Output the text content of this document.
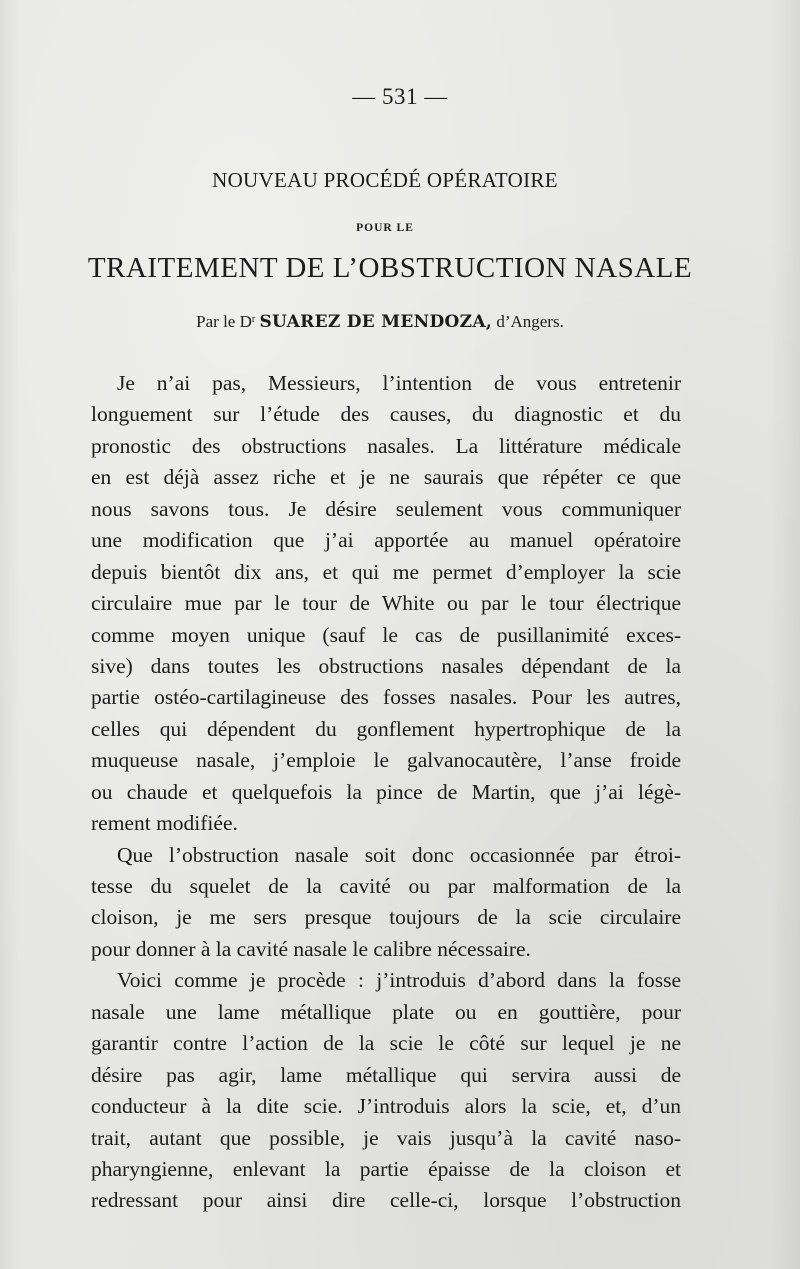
— 531 —
NOUVEAU PROCÉDÉ OPÉRATOIRE
POUR LE
TRAITEMENT DE L’OBSTRUCTION NASALE
Par le $D^r$ SUAREZ DE MENDOZA, d’Angers.
Je n’ai pas, Messieurs, l’intention de vous entretenir
longuement sur l’étude des causes, du diagnostic et du
pronostic des obstructions nasales. La littérature médicale
en est déjà assez riche et je ne saurais que répéter ce que
nous savons tous. Je désire seulement vous communiquer
une modification que j’ai apportée au manuel opératoire
depuis bientôt dix ans, et qui me permet d’employer la scie
circulaire mue par le tour de White ou par le tour électrique
comme moyen unique (sauf le cas de pusillanimité exces-
sive) dans toutes les obstructions nasales dépendant de la
partie ostéo-cartilagineuse des fosses nasales. Pour les autres,
celles qui dépendent du gonflement hypertrophique de la
muqueuse nasale, j’emploie le galvanocautère, l’anse froide
ou chaude et quelquefois la pince de Martin, que j’ai légè-
rement modifiée.
Que l’obstruction nasale soit donc occasionnée par étroi-
tesse du squelet de la cavité ou par malformation de la
cloison, je me sers presque toujours de la scie circulaire
pour donner à la cavité nasale le calibre nécessaire.
Voici comme je procède : j’introduis d’abord dans la fosse
nasale une lame métallique plate ou en gouttière, pour
garantir contre l’action de la scie le côté sur lequel je ne
désire pas agir, lame métallique qui servira aussi de
conducteur à la dite scie. J’introduis alors la scie, et, d’un
trait, autant que possible, je vais jusqu’à la cavité naso-
pharyngienne, enlevant la partie épaisse de la cloison et
redressant pour ainsi dire celle-ci, lorsque l’obstruction
